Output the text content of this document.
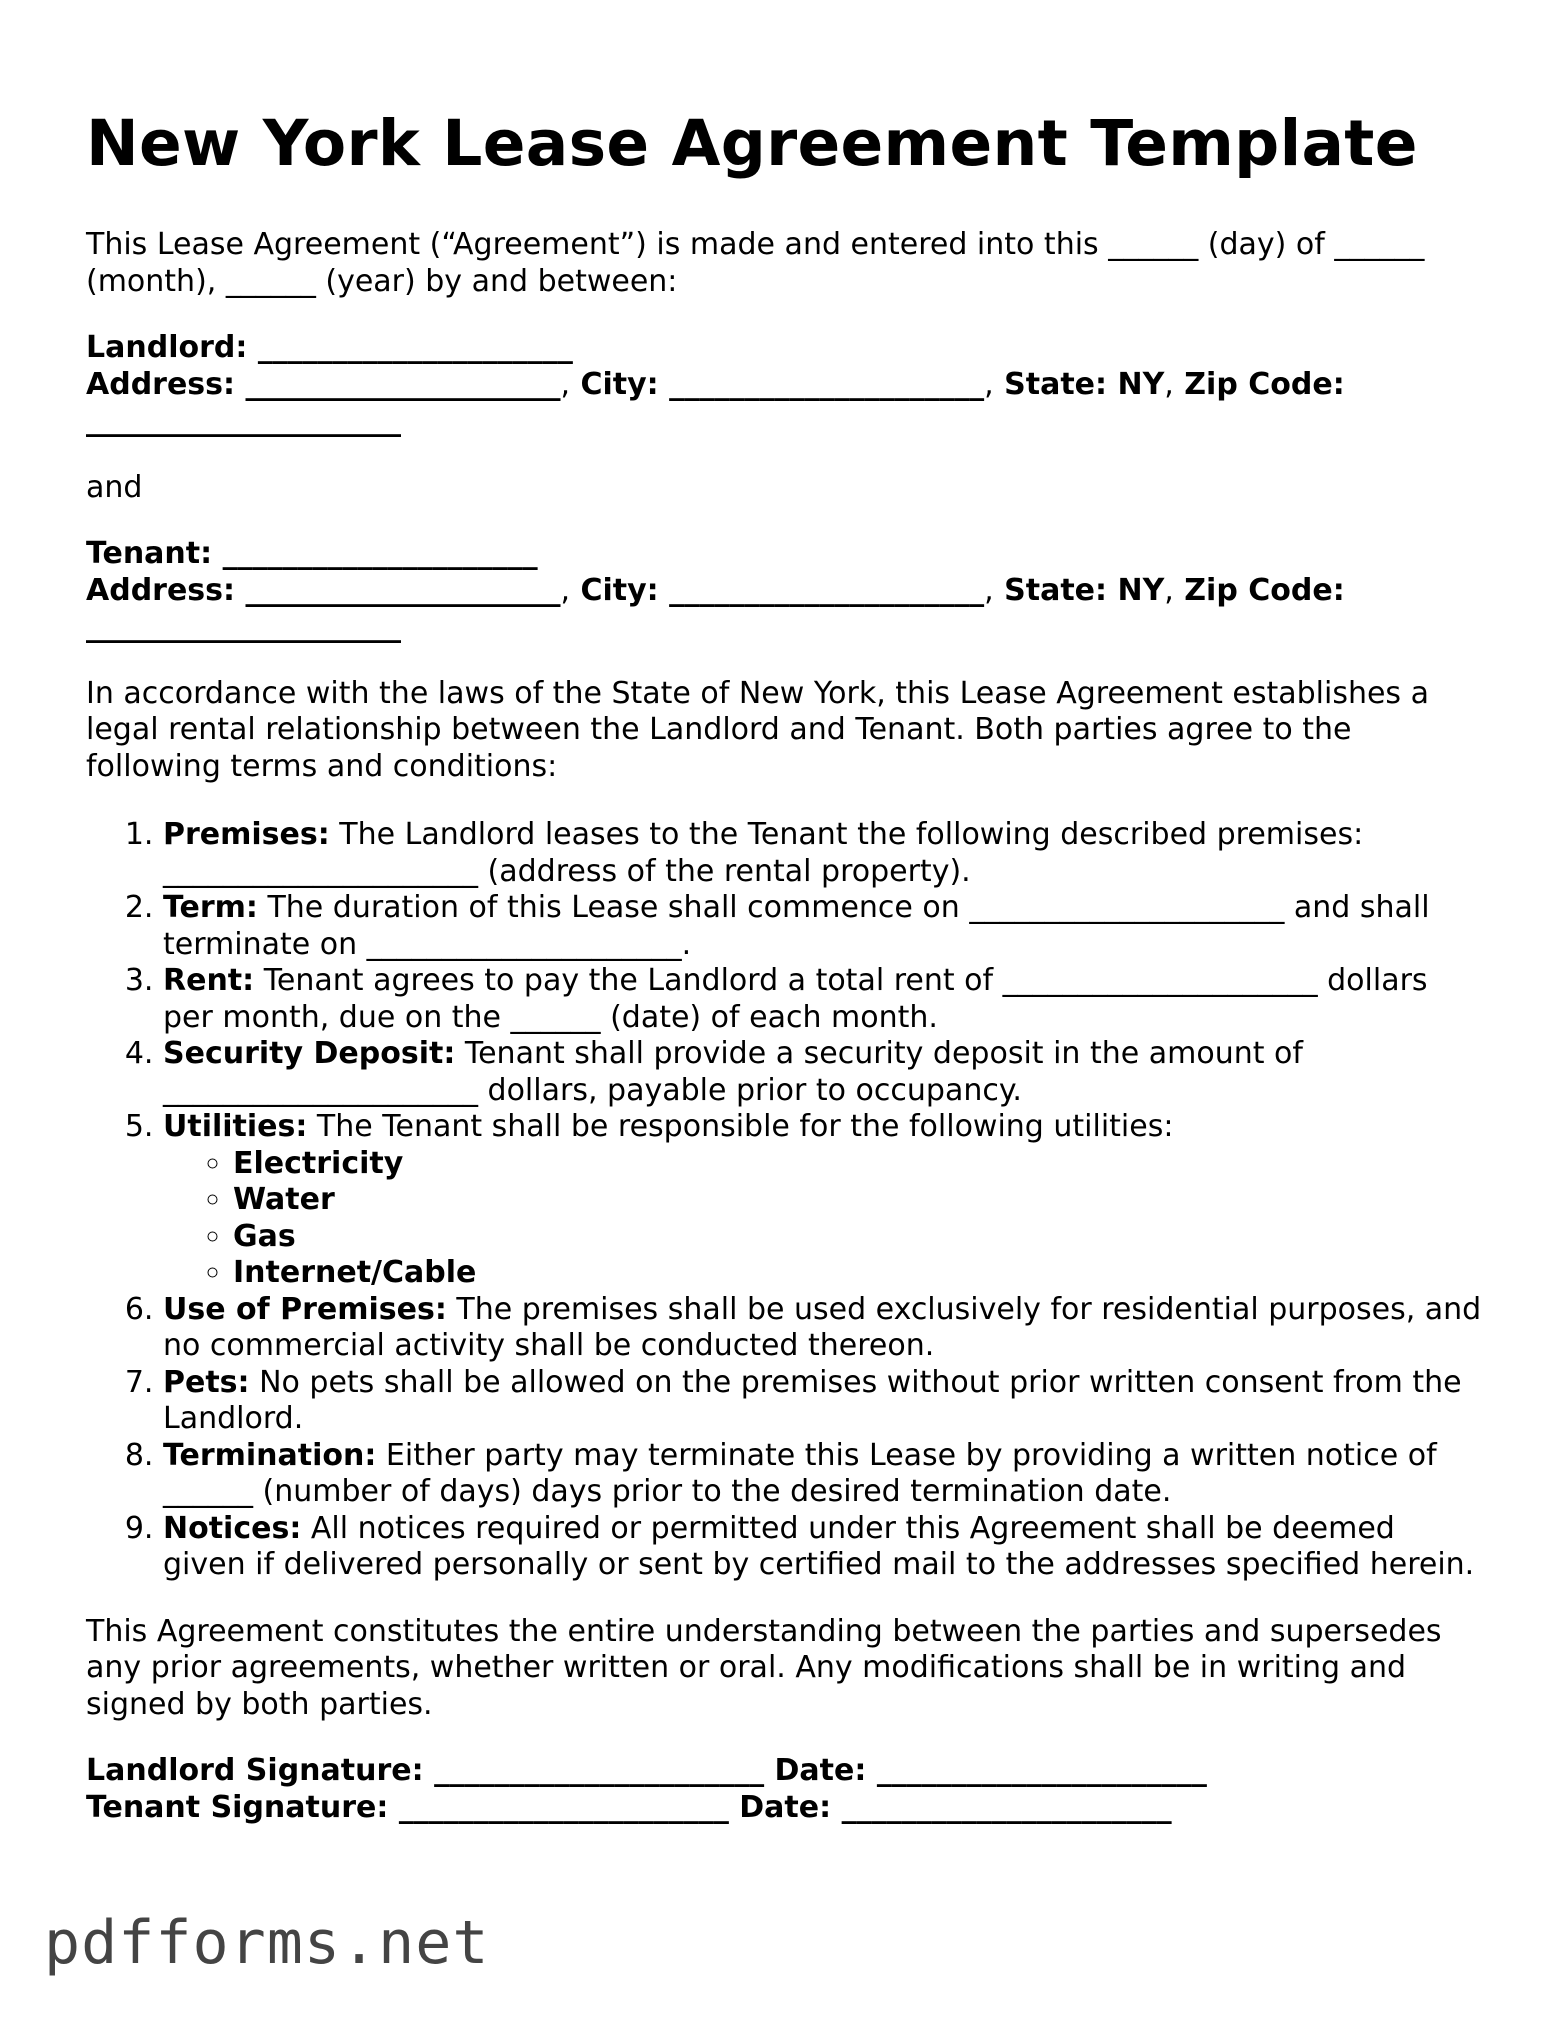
New York Lease Agreement Template

This Lease Agreement (“Agreement”) is made and entered into this ______ (day) of ______
(month), ______ (year) by and between:

Landlord: _____________________
Address: _____________________, City: _____________________, State: NY, Zip Code:
_____________________

and

Tenant: _____________________
Address: _____________________, City: _____________________, State: NY, Zip Code:
_____________________

In accordance with the laws of the State of New York, this Lease Agreement establishes a legal rental relationship between the Landlord and Tenant. Both parties agree to the following terms and conditions:

1. Premises: The Landlord leases to the Tenant the following described premises: _____________________ (address of the rental property).
2. Term: The duration of this Lease shall commence on _____________________ and shall terminate on _____________________.
3. Rent: Tenant agrees to pay the Landlord a total rent of _____________________ dollars per month, due on the ______ (date) of each month.
4. Security Deposit: Tenant shall provide a security deposit in the amount of _____________________ dollars, payable prior to occupancy.
5. Utilities: The Tenant shall be responsible for the following utilities:
◦ Electricity
◦ Water
◦ Gas
◦ Internet/Cable
6. Use of Premises: The premises shall be used exclusively for residential purposes, and no commercial activity shall be conducted thereon.
7. Pets: No pets shall be allowed on the premises without prior written consent from the Landlord.
8. Termination: Either party may terminate this Lease by providing a written notice of ______ (number of days) days prior to the desired termination date.
9. Notices: All notices required or permitted under this Agreement shall be deemed given if delivered personally or sent by certified mail to the addresses specified herein.

This Agreement constitutes the entire understanding between the parties and supersedes any prior agreements, whether written or oral. Any modifications shall be in writing and signed by both parties.

Landlord Signature: ______________________ Date: ______________________
Tenant Signature: ______________________ Date: ______________________

pdfforms.net
